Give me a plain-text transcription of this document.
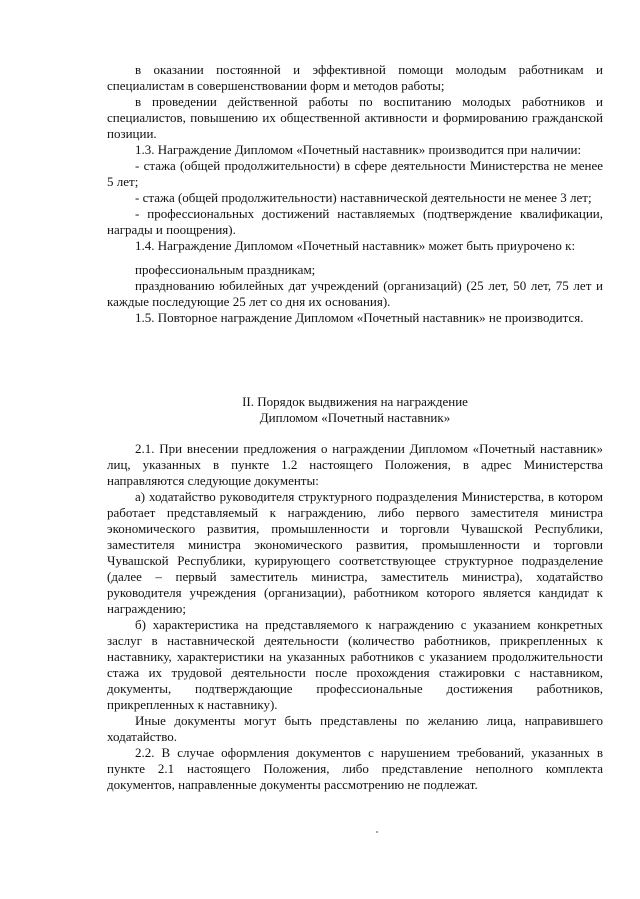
в оказании постоянной и эффективной помощи молодым работникам и специалистам в совершенствовании форм и методов работы;

в проведении действенной работы по воспитанию молодых работников и специалистов, повышению их общественной активности и формированию гражданской позиции.

1.3. Награждение Дипломом «Почетный наставник» производится при наличии:

- стажа (общей продолжительности) в сфере деятельности Министерства не менее 5 лет;

- стажа (общей продолжительности) наставнической деятельности не менее 3 лет;

- профессиональных достижений наставляемых (подтверждение квалификации, награды и поощрения).

1.4. Награждение Дипломом «Почетный наставник» может быть приурочено к:

профессиональным праздникам;

празднованию юбилейных дат учреждений (организаций) (25 лет, 50 лет, 75 лет и каждые последующие 25 лет со дня их основания).

1.5. Повторное награждение Дипломом «Почетный наставник» не производится.

II. Порядок выдвижения на награждение
Дипломом «Почетный наставник»

2.1. При внесении предложения о награждении Дипломом «Почетный наставник» лиц, указанных в пункте 1.2 настоящего Положения, в адрес Министерства направляются следующие документы:

а) ходатайство руководителя структурного подразделения Министерства, в котором работает представляемый к награждению, либо первого заместителя министра экономического развития, промышленности и торговли Чувашской Республики, заместителя министра экономического развития, промышленности и торговли Чувашской Республики, курирующего соответствующее структурное подразделение (далее – первый заместитель министра, заместитель министра), ходатайство руководителя учреждения (организации), работником которого является кандидат к награждению;

б) характеристика на представляемого к награждению с указанием конкретных заслуг в наставнической деятельности (количество работников, прикрепленных к наставнику, характеристики на указанных работников с указанием продолжительности стажа их трудовой деятельности после прохождения стажировки с наставником, документы, подтверждающие профессиональные достижения работников, прикрепленных к наставнику).

Иные документы могут быть представлены по желанию лица, направившего ходатайство.

2.2. В случае оформления документов с нарушением требований, указанных в пункте 2.1 настоящего Положения, либо представление неполного комплекта документов, направленные документы рассмотрению не подлежат.
